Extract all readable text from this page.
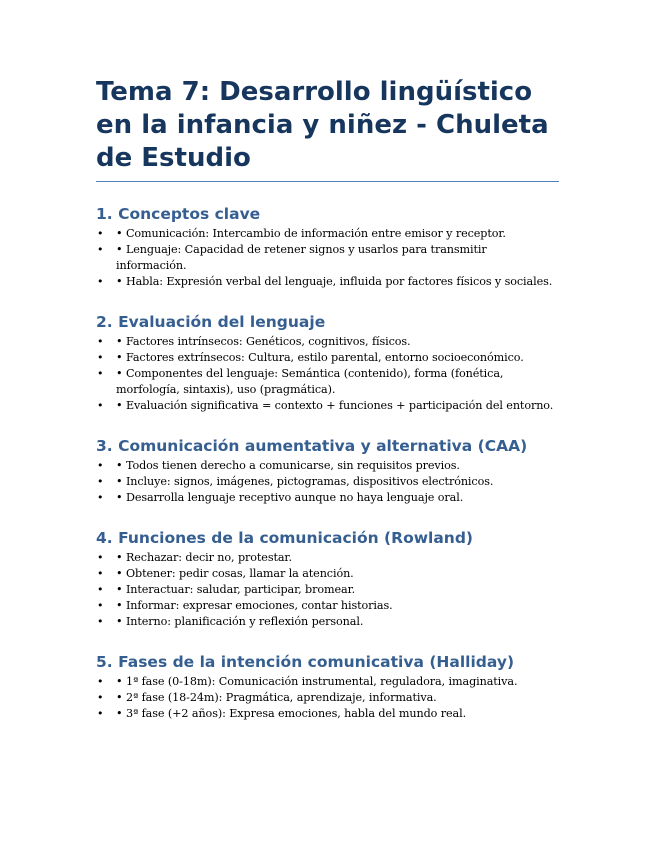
Tema 7: Desarrollo lingüístico en la infancia y niñez - Chuleta de Estudio
1. Conceptos clave
• • Comunicación: Intercambio de información entre emisor y receptor.
• • Lenguaje: Capacidad de retener signos y usarlos para transmitir información.
• • Habla: Expresión verbal del lenguaje, influida por factores físicos y sociales.
2. Evaluación del lenguaje
• • Factores intrínsecos: Genéticos, cognitivos, físicos.
• • Factores extrínsecos: Cultura, estilo parental, entorno socioeconómico.
• • Componentes del lenguaje: Semántica (contenido), forma (fonética, morfología, sintaxis), uso (pragmática).
• • Evaluación significativa = contexto + funciones + participación del entorno.
3. Comunicación aumentativa y alternativa (CAA)
• • Todos tienen derecho a comunicarse, sin requisitos previos.
• • Incluye: signos, imágenes, pictogramas, dispositivos electrónicos.
• • Desarrolla lenguaje receptivo aunque no haya lenguaje oral.
4. Funciones de la comunicación (Rowland)
• • Rechazar: decir no, protestar.
• • Obtener: pedir cosas, llamar la atención.
• • Interactuar: saludar, participar, bromear.
• • Informar: expresar emociones, contar historias.
• • Interno: planificación y reflexión personal.
5. Fases de la intención comunicativa (Halliday)
• • 1ª fase (0-18m): Comunicación instrumental, reguladora, imaginativa.
• • 2ª fase (18-24m): Pragmática, aprendizaje, informativa.
• • 3ª fase (+2 años): Expresa emociones, habla del mundo real.
